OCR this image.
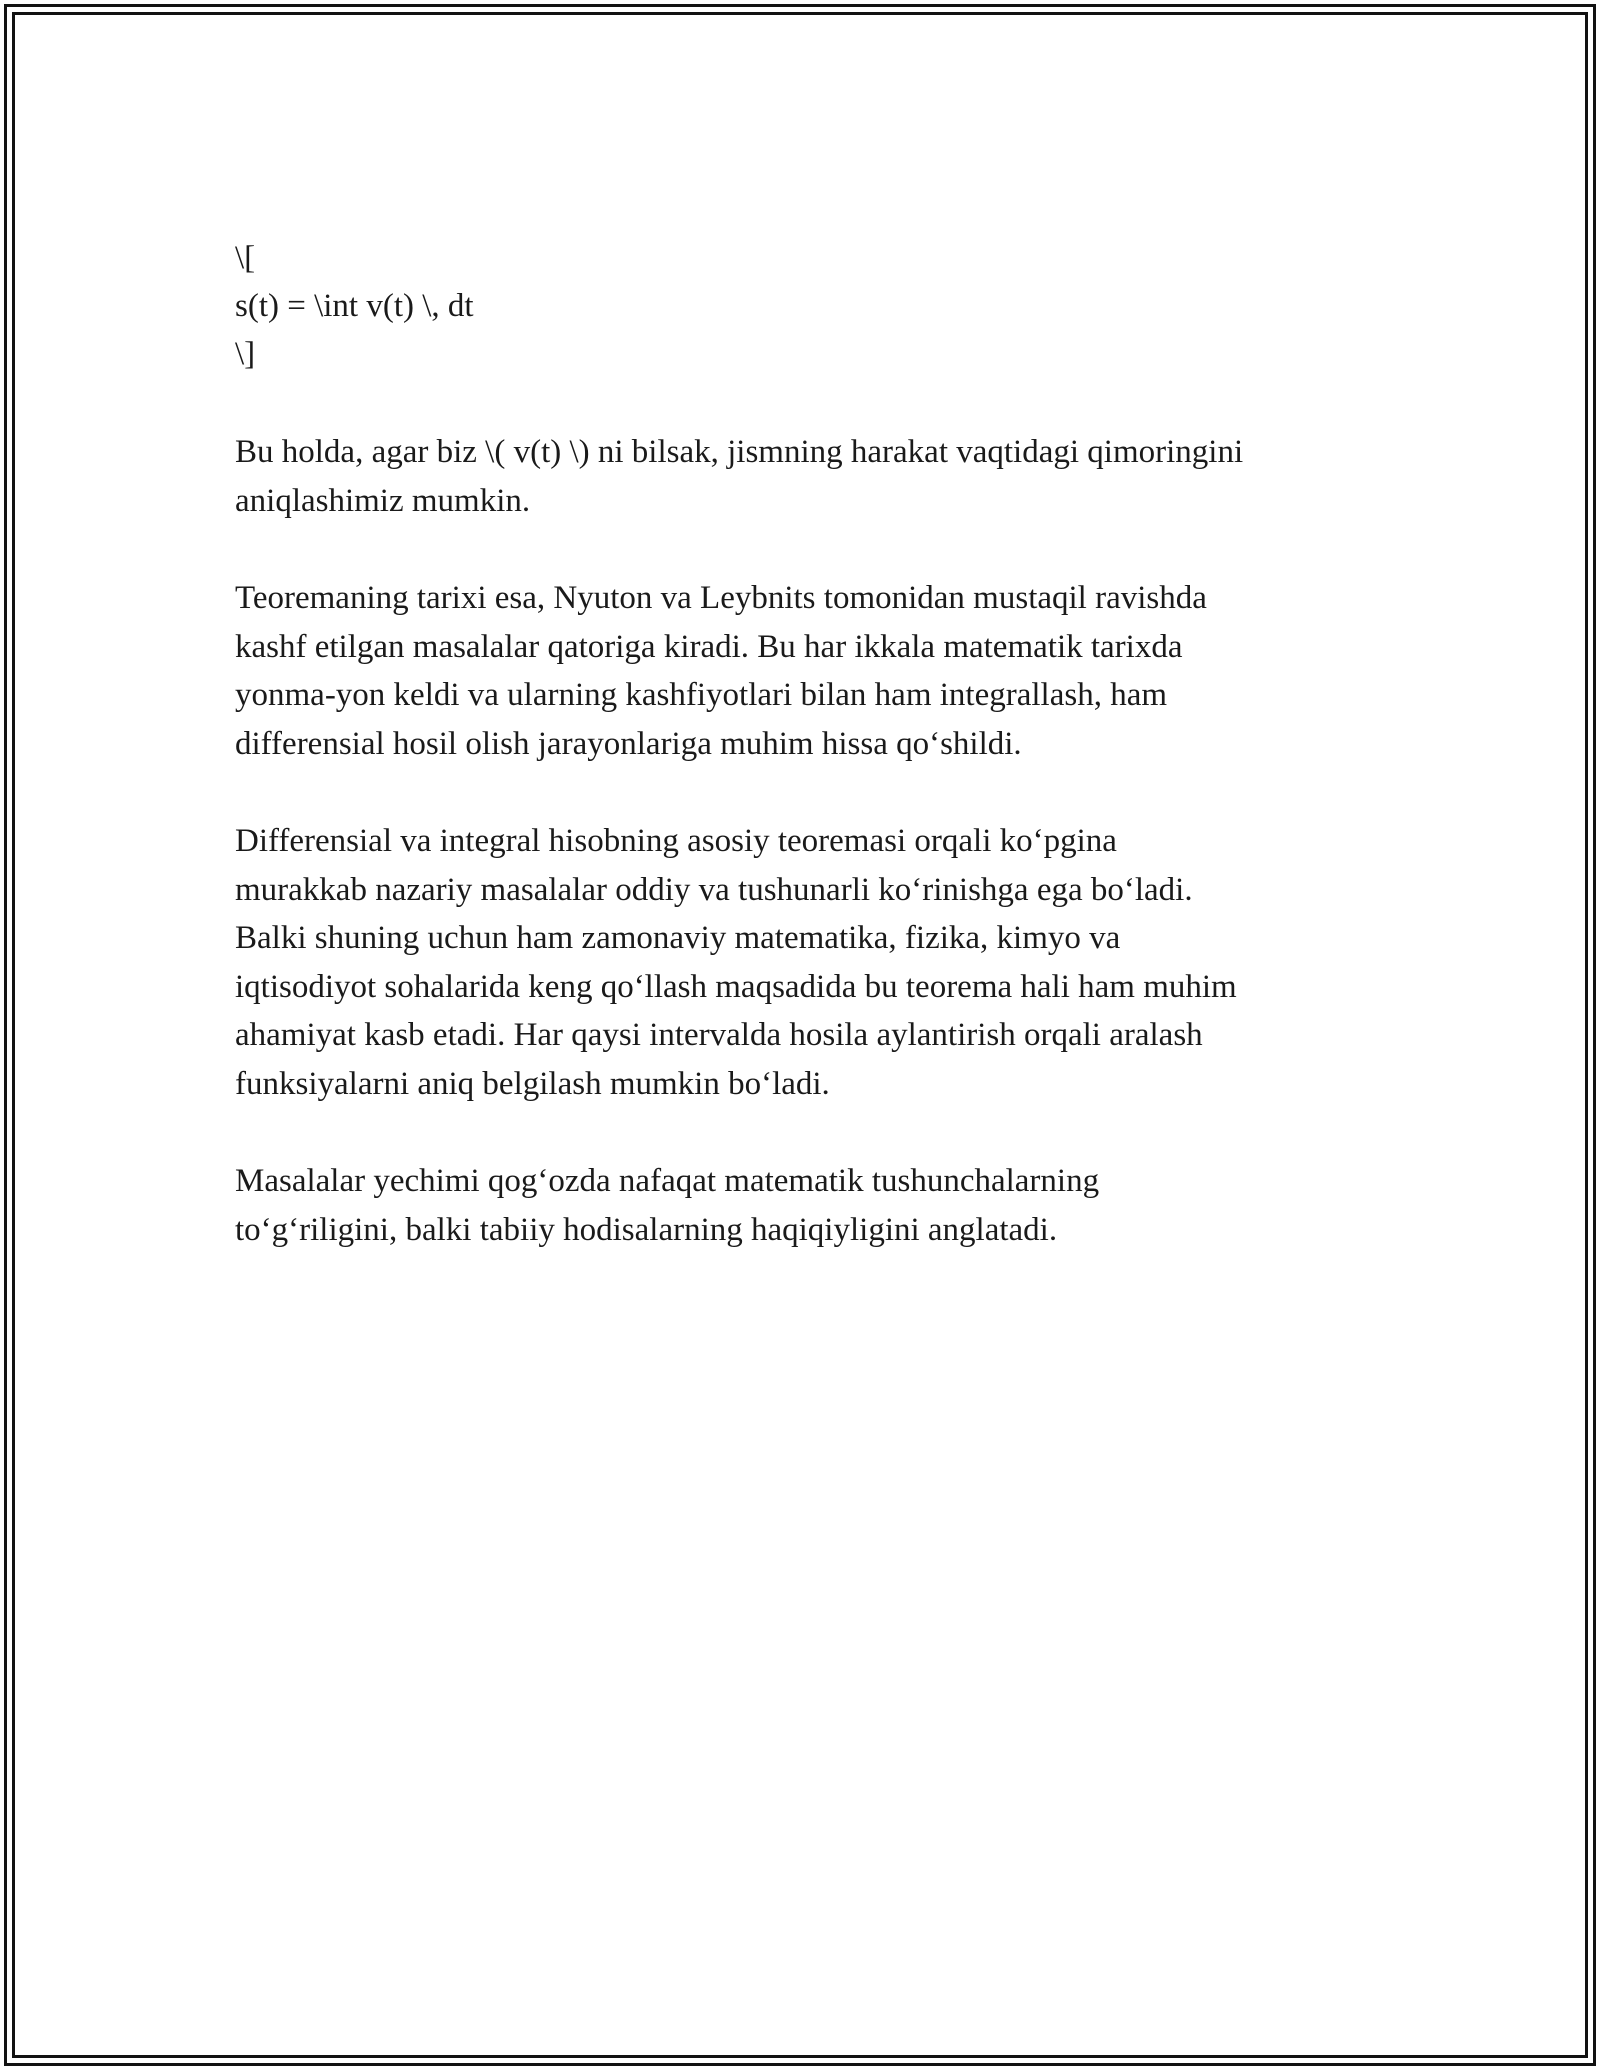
\[
s(t) = \int v(t) \, dt
\]

Bu holda, agar biz \( v(t) \) ni bilsak, jismning harakat vaqtidagi qimoringini
aniqlashimiz mumkin.

Teoremaning tarixi esa, Nyuton va Leybnits tomonidan mustaqil ravishda
kashf etilgan masalalar qatoriga kiradi. Bu har ikkala matematik tarixda
yonma-yon keldi va ularning kashfiyotlari bilan ham integrallash, ham
differensial hosil olish jarayonlariga muhim hissa qo‘shildi.

Differensial va integral hisobning asosiy teoremasi orqali ko‘pgina
murakkab nazariy masalalar oddiy va tushunarli ko‘rinishga ega bo‘ladi.
Balki shuning uchun ham zamonaviy matematika, fizika, kimyo va
iqtisodiyot sohalarida keng qo‘llash maqsadida bu teorema hali ham muhim
ahamiyat kasb etadi. Har qaysi intervalda hosila aylantirish orqali aralash
funksiyalarni aniq belgilash mumkin bo‘ladi.

Masalalar yechimi qog‘ozda nafaqat matematik tushunchalarning
to‘g‘riligini, balki tabiiy hodisalarning haqiqiyligini anglatadi.
